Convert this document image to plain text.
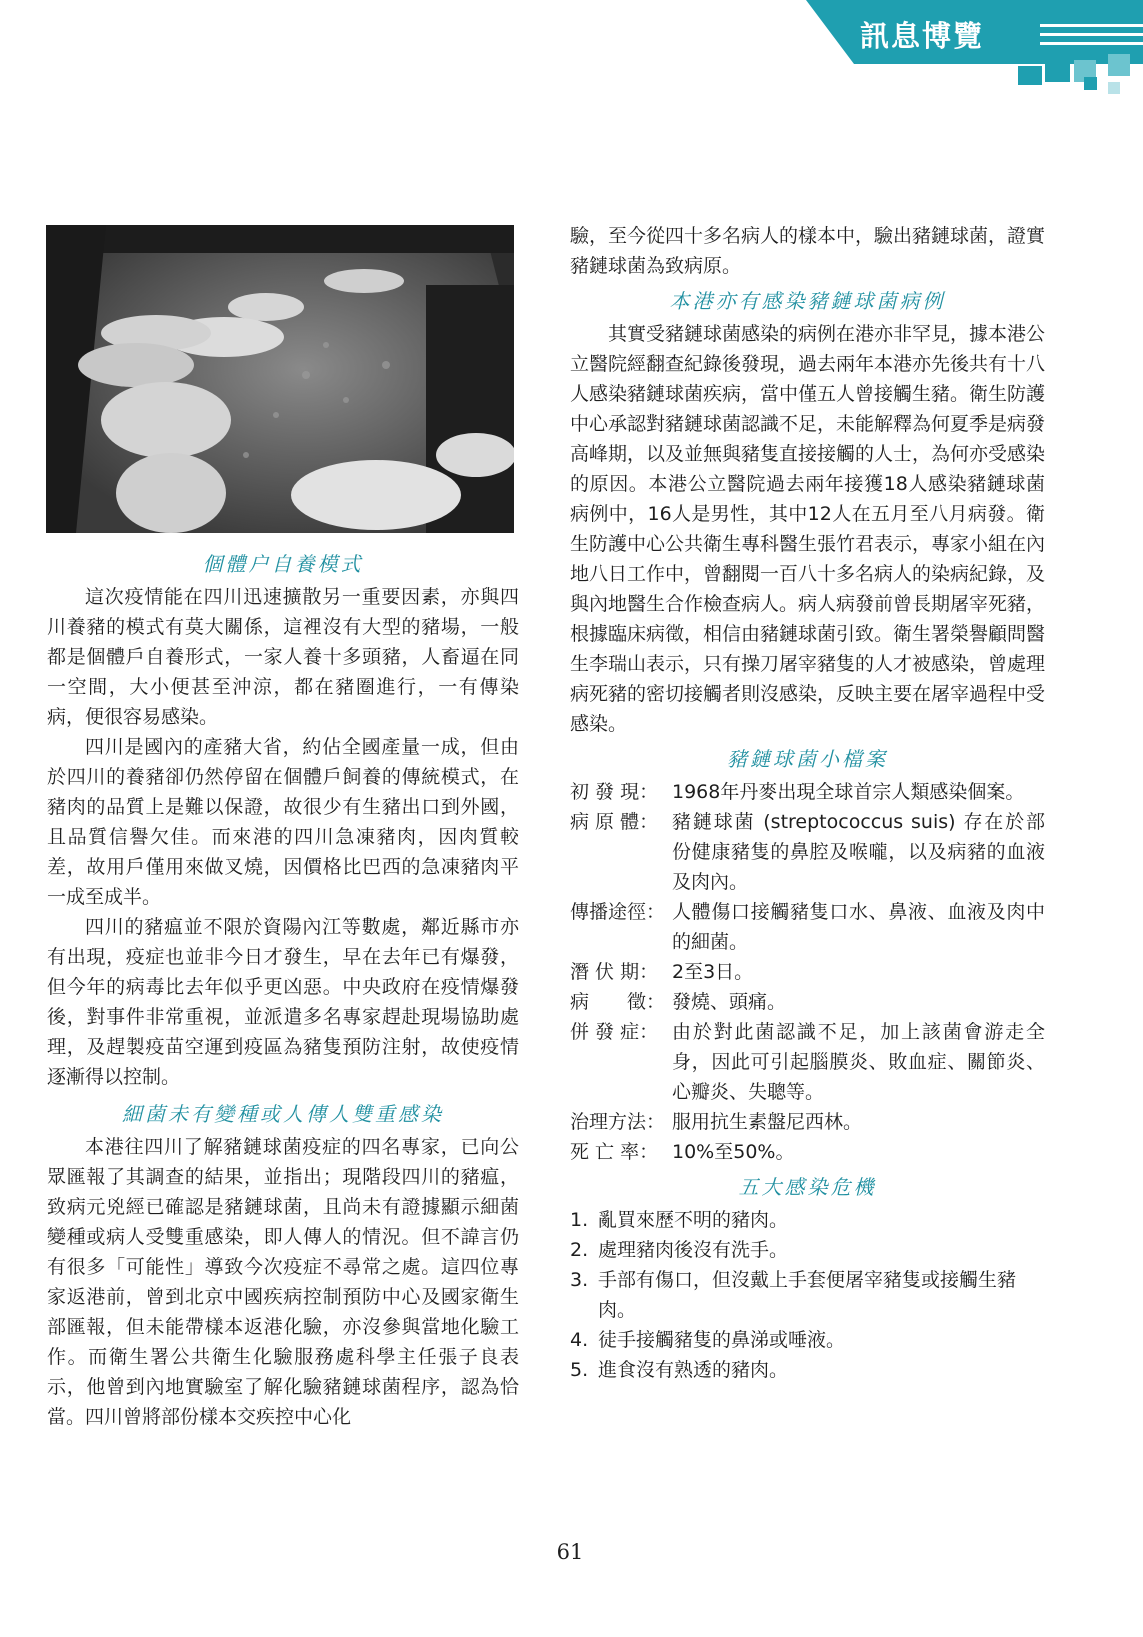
訊息博覽
個體户自養模式

這次疫情能在四川迅速擴散另一重要因素，亦與四川養豬的模式有莫大關係，這裡沒有大型的豬場，一般都是個體戶自養形式，一家人養十多頭豬，人畜逼在同一空間，大小便甚至沖涼，都在豬圈進行，一有傳染病，便很容易感染。

四川是國內的產豬大省，約佔全國產量一成，但由於四川的養豬卻仍然停留在個體戶飼養的傳統模式，在豬肉的品質上是難以保證，故很少有生豬出口到外國，且品質信譽欠佳。而來港的四川急凍豬肉，因肉質較差，故用戶僅用來做叉燒，因價格比巴西的急凍豬肉平一成至成半。

四川的豬瘟並不限於資陽內江等數處，鄰近縣市亦有出現，疫症也並非今日才發生，早在去年已有爆發，但今年的病毒比去年似乎更凶惡。中央政府在疫情爆發後，對事件非常重視，並派遣多名專家趕赴現場協助處理，及趕製疫苗空運到疫區為豬隻預防注射，故使疫情逐漸得以控制。

細菌未有變種或人傳人雙重感染

本港往四川了解豬鏈球菌疫症的四名專家，已向公眾匯報了其調查的結果，並指出；現階段四川的豬瘟，致病元兇經已確認是豬鏈球菌，且尚未有證據顯示細菌變種或病人受雙重感染，即人傳人的情況。但不諱言仍有很多「可能性」導致今次疫症不尋常之處。這四位專家返港前，曾到北京中國疾病控制預防中心及國家衛生部匯報，但未能帶樣本返港化驗，亦沒參與當地化驗工作。而衛生署公共衛生化驗服務處科學主任張子良表示，他曾到內地實驗室了解化驗豬鏈球菌程序，認為恰當。四川曾將部份樣本交疾控中心化

驗，至今從四十多名病人的樣本中，驗出豬鏈球菌，證實豬鏈球菌為致病原。

本港亦有感染豬鏈球菌病例

其實受豬鏈球菌感染的病例在港亦非罕見，據本港公立醫院經翻查紀錄後發現，過去兩年本港亦先後共有十八人感染豬鏈球菌疾病，當中僅五人曾接觸生豬。衛生防護中心承認對豬鏈球菌認識不足，未能解釋為何夏季是病發高峰期，以及並無與豬隻直接接觸的人士，為何亦受感染的原因。本港公立醫院過去兩年接獲18人感染豬鏈球菌病例中，16人是男性，其中12人在五月至八月病發。衛生防護中心公共衛生專科醫生張竹君表示，專家小組在內地八日工作中，曾翻閱一百八十多名病人的染病紀錄，及與內地醫生合作檢查病人。病人病發前曾長期屠宰死豬，根據臨床病徵，相信由豬鏈球菌引致。衛生署榮譽顧問醫生李瑞山表示，只有操刀屠宰豬隻的人才被感染，曾處理病死豬的密切接觸者則沒感染，反映主要在屠宰過程中受感染。

豬鏈球菌小檔案
初 發 現： 1968年丹麥出現全球首宗人類感染個案。
病 原 體： 豬鏈球菌 (streptococcus suis) 存在於部份健康豬隻的鼻腔及喉嚨，以及病豬的血液及肉內。
傳播途徑： 人體傷口接觸豬隻口水、鼻液、血液及肉中的細菌。
潛 伏 期： 2至3日。
病　　徵： 發燒、頭痛。
併 發 症： 由於對此菌認識不足，加上該菌會游走全身，因此可引起腦膜炎、敗血症、關節炎、心瓣炎、失聰等。
治理方法： 服用抗生素盤尼西林。
死 亡 率： 10%至50%。
五大感染危機
1. 亂買來歷不明的豬肉。
2. 處理豬肉後沒有洗手。
3. 手部有傷口，但沒戴上手套便屠宰豬隻或接觸生豬肉。
4. 徒手接觸豬隻的鼻涕或唾液。
5. 進食沒有熟透的豬肉。
61
